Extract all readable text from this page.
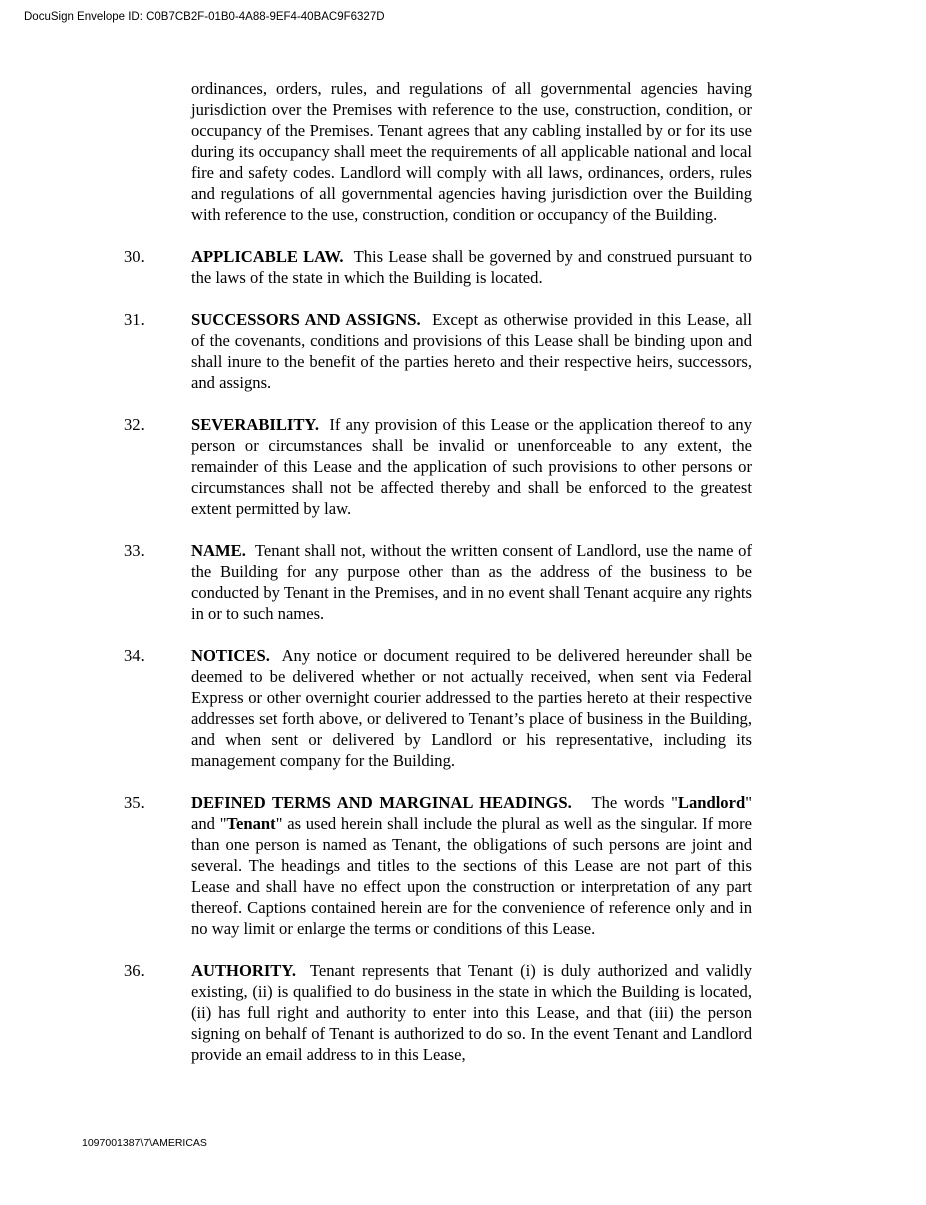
DocuSign Envelope ID: C0B7CB2F-01B0-4A88-9EF4-40BAC9F6327D
ordinances, orders, rules, and regulations of all governmental agencies having jurisdiction over the Premises with reference to the use, construction, condition, or occupancy of the Premises. Tenant agrees that any cabling installed by or for its use during its occupancy shall meet the requirements of all applicable national and local fire and safety codes. Landlord will comply with all laws, ordinances, orders, rules and regulations of all governmental agencies having jurisdiction over the Building with reference to the use, construction, condition or occupancy of the Building.
30.	APPLICABLE LAW. This Lease shall be governed by and construed pursuant to the laws of the state in which the Building is located.
31.	SUCCESSORS AND ASSIGNS. Except as otherwise provided in this Lease, all of the covenants, conditions and provisions of this Lease shall be binding upon and shall inure to the benefit of the parties hereto and their respective heirs, successors, and assigns.
32.	SEVERABILITY. If any provision of this Lease or the application thereof to any person or circumstances shall be invalid or unenforceable to any extent, the remainder of this Lease and the application of such provisions to other persons or circumstances shall not be affected thereby and shall be enforced to the greatest extent permitted by law.
33.	NAME. Tenant shall not, without the written consent of Landlord, use the name of the Building for any purpose other than as the address of the business to be conducted by Tenant in the Premises, and in no event shall Tenant acquire any rights in or to such names.
34.	NOTICES. Any notice or document required to be delivered hereunder shall be deemed to be delivered whether or not actually received, when sent via Federal Express or other overnight courier addressed to the parties hereto at their respective addresses set forth above, or delivered to Tenant’s place of business in the Building, and when sent or delivered by Landlord or his representative, including its management company for the Building.
35.	DEFINED TERMS AND MARGINAL HEADINGS. The words "Landlord" and "Tenant" as used herein shall include the plural as well as the singular. If more than one person is named as Tenant, the obligations of such persons are joint and several. The headings and titles to the sections of this Lease are not part of this Lease and shall have no effect upon the construction or interpretation of any part thereof. Captions contained herein are for the convenience of reference only and in no way limit or enlarge the terms or conditions of this Lease.
36.	AUTHORITY. Tenant represents that Tenant (i) is duly authorized and validly existing, (ii) is qualified to do business in the state in which the Building is located, (ii) has full right and authority to enter into this Lease, and that (iii) the person signing on behalf of Tenant is authorized to do so. In the event Tenant and Landlord provide an email address to in this Lease,
1097001387\7\AMERICAS
